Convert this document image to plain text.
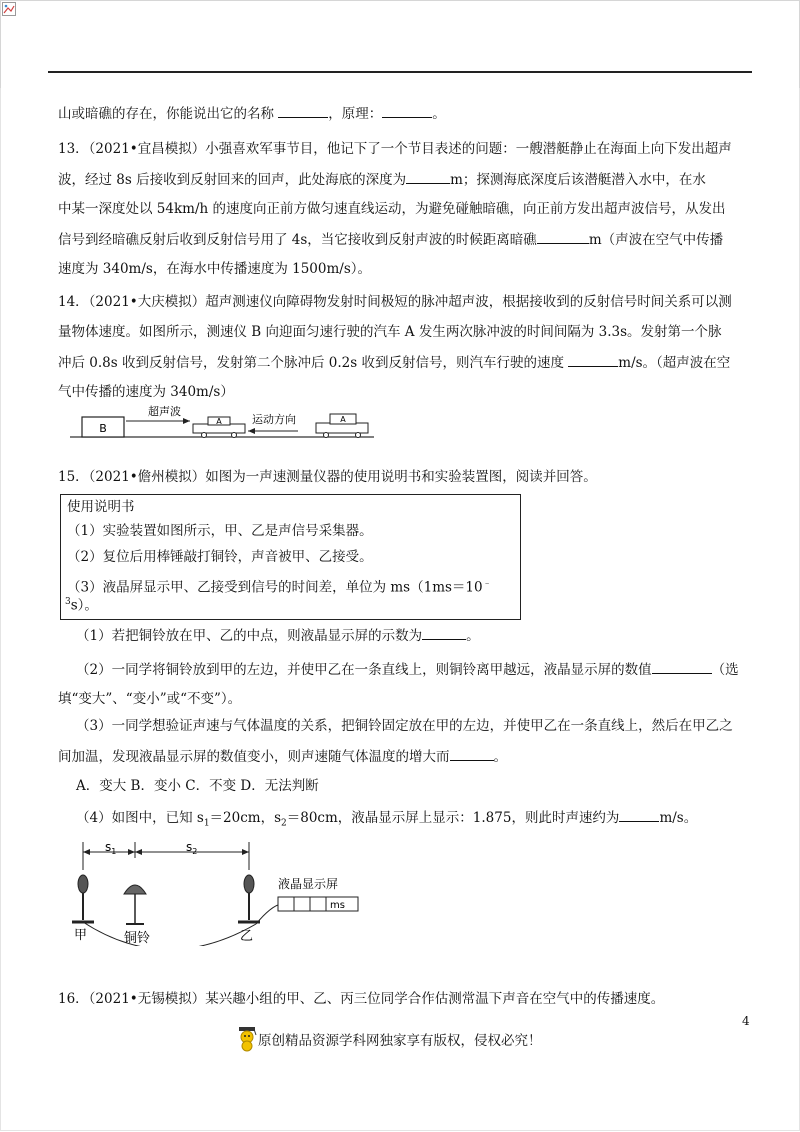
山或暗礁的存在，你能说出它的名称	，原理：	。
13．（2021•宜昌模拟）小强喜欢军事节目，他记下了一个节目表述的问题：一艘潜艇静止在海面上向下发出超声
波，经过 8s 后接收到反射回来的回声，此处海底的深度为	m；探测海底深度后该潜艇潜入水中，在水
中某一深度处以 54km/h 的速度向正前方做匀速直线运动，为避免碰触暗礁，向正前方发出超声波信号，从发出
信号到经暗礁反射后收到反射信号用了 4s，当它接收到反射声波的时候距离暗礁	m（声波在空气中传播
速度为 340m/s，在海水中传播速度为 1500m/s）。
14．（2021•大庆模拟）超声测速仪向障碍物发射时间极短的脉冲超声波，根据接收到的反射信号时间关系可以测
量物体速度。如图所示，测速仪 B 向迎面匀速行驶的汽车 A 发生两次脉冲波的时间间隔为 3.3s。发射第一个脉
冲后 0.8s 收到反射信号，发射第二个脉冲后 0.2s 收到反射信号，则汽车行驶的速度	m/s。（超声波在空
气中传播的速度为 340m/s）
B
超声波
A	运动方向	A
15．（2021•儋州模拟）如图为一声速测量仪器的使用说明书和实验装置图，阅读并回答。
使用说明书
（1）实验装置如图所示，甲、乙是声信号采集器。
（2）复位后用棒锤敲打铜铃，声音被甲、乙接受。
（3）液晶屏显示甲、乙接受到信号的时间差，单位为 ms（1ms＝10﹣
$^3$s）。
（1）若把铜铃放在甲、乙的中点，则液晶显示屏的示数为	。
（2）一同学将铜铃放到甲的左边，并使甲乙在一条直线上，则铜铃离甲越远，液晶显示屏的数值	（选
填“变大”、“变小”或“不变”）。
（3）一同学想验证声速与气体温度的关系，把铜铃固定放在甲的左边，并使甲乙在一条直线上，然后在甲乙之
间加温，发现液晶显示屏的数值变小，则声速随气体温度的增大而	。
A．变大 B．变小 C．不变 D．无法判断
（4）如图中，已知 $s_1=20cm$，$s_2=80cm$，液晶显示屏上显示：1.875，则此时声速约为	m/s。
$s_1$	$s_2$
液晶显示屏
ms
甲	铜铃	乙
16．（2021•无锡模拟）某兴趣小组的甲、乙、丙三位同学合作估测常温下声音在空气中的传播速度。
4
原创精品资源学科网独家享有版权，侵权必究！
